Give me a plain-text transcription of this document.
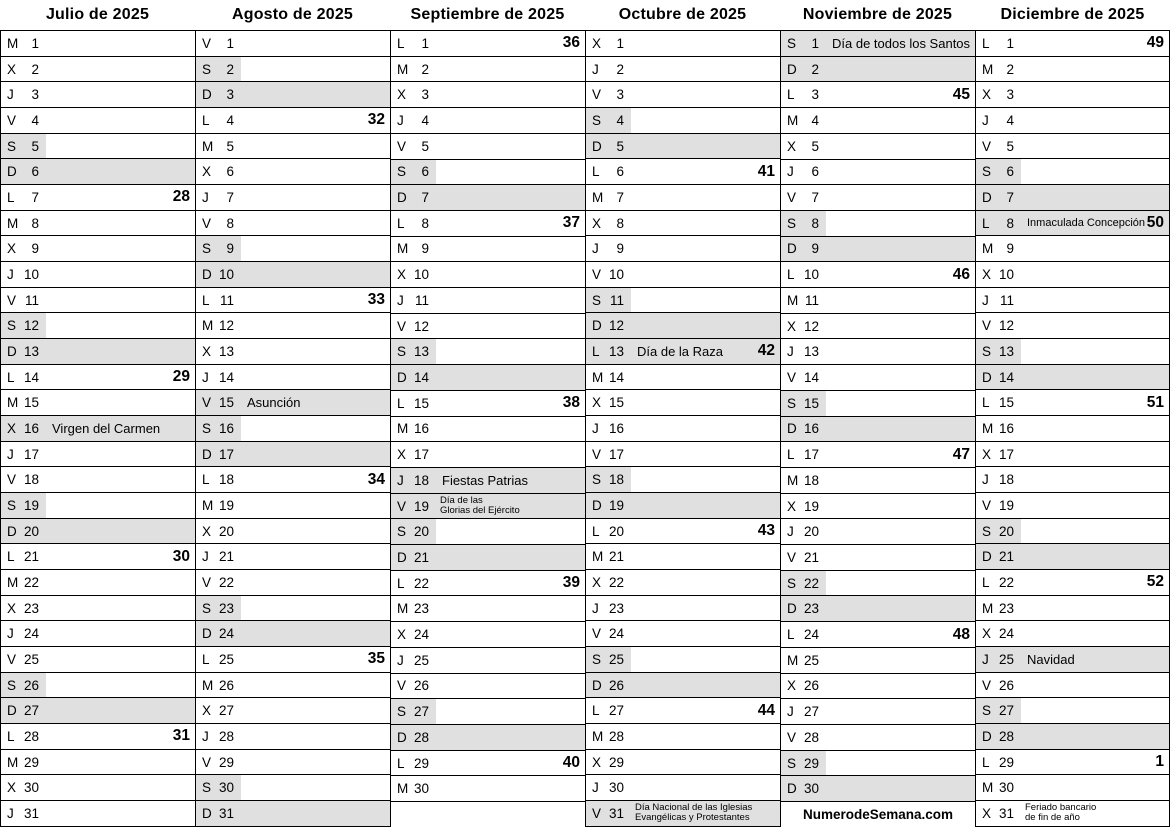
Julio de 2025
M 1
X	2
J	3
V	4
S	5
D	6
L	7	28
M 8
X	9
J 10
V 11
S 12
D 13
L 14	29
M 15
X 16	Virgen del Carmen
J 17
V 18
S 19
D 20
L 21	30
M 22
X 23
J 24
V 25
S 26
D 27
L 28	31
M 29
X 30
J 31
Agosto de 2025
V	1
S	2
D	3
L	4	32
M 5
X	6
J	7
V	8
S	9
D 10
L 11	33
M 12
X 13
J 14
V 15	Asunción
S 16
D 17
L 18	34
M 19
X 20
J 21
V 22
S 23
D 24
L 25	35
M 26
X 27
J 28
V 29
S 30
D 31
Septiembre de 2025
L	1	36
M 2
X	3
J	4
V	5
S	6
D	7
L	8	37
M 9
X 10
J 11
V 12
S 13
D 14
L 15	38
M 16
X 17
J 18	Fiestas Patrias
V 19 Día de las
Glorias del Ejército
S 20
D 21
L 22	39
M 23
X 24
J 25
V 26
S 27
D 28
L 29	40
M 30
Octubre de 2025
X	1
J	2
V	3
S	4
D	5
L	6	41
M 7
X	8
J	9
V 10
S 11
D 12
L 13	Día de la Raza 42
M 14
X 15
J 16
V 17
S 18
D 19
L 20	43
M 21
X 22
J 23
V 24
S 25
D 26
L 27	44
M 28
X 29
J 30
V 31 Día Nacional de las Iglesias
Evangélicas y Protestantes
Noviembre de 2025
S	1	Día de todos los Santos
D	2
L	3	45
M 4
X	5
J	6
V	7
S	8
D	9
L 10	46
M 11
X 12
J 13
V 14
S 15
D 16
L 17	47
M 18
X 19
J 20
V 21
S 22
D 23
L 24	48
M 25
X 26
J 27
V 28
S 29
D 30
NumerodeSemana.com
Diciembre de 2025
L	1	49
M 2
X	3
J	4
V	5
S	6
D	7
L	8	Inmaculada Concepción 50
M 9
X 10
J 11
V 12
S 13
D 14
L 15	51
M 16
X 17
J 18
V 19
S 20
D 21
L 22	52
M 23
X 24
J 25	Navidad
V 26
S 27
D 28
L 29	1
M 30
X 31 Feriado bancario
de fin de año
